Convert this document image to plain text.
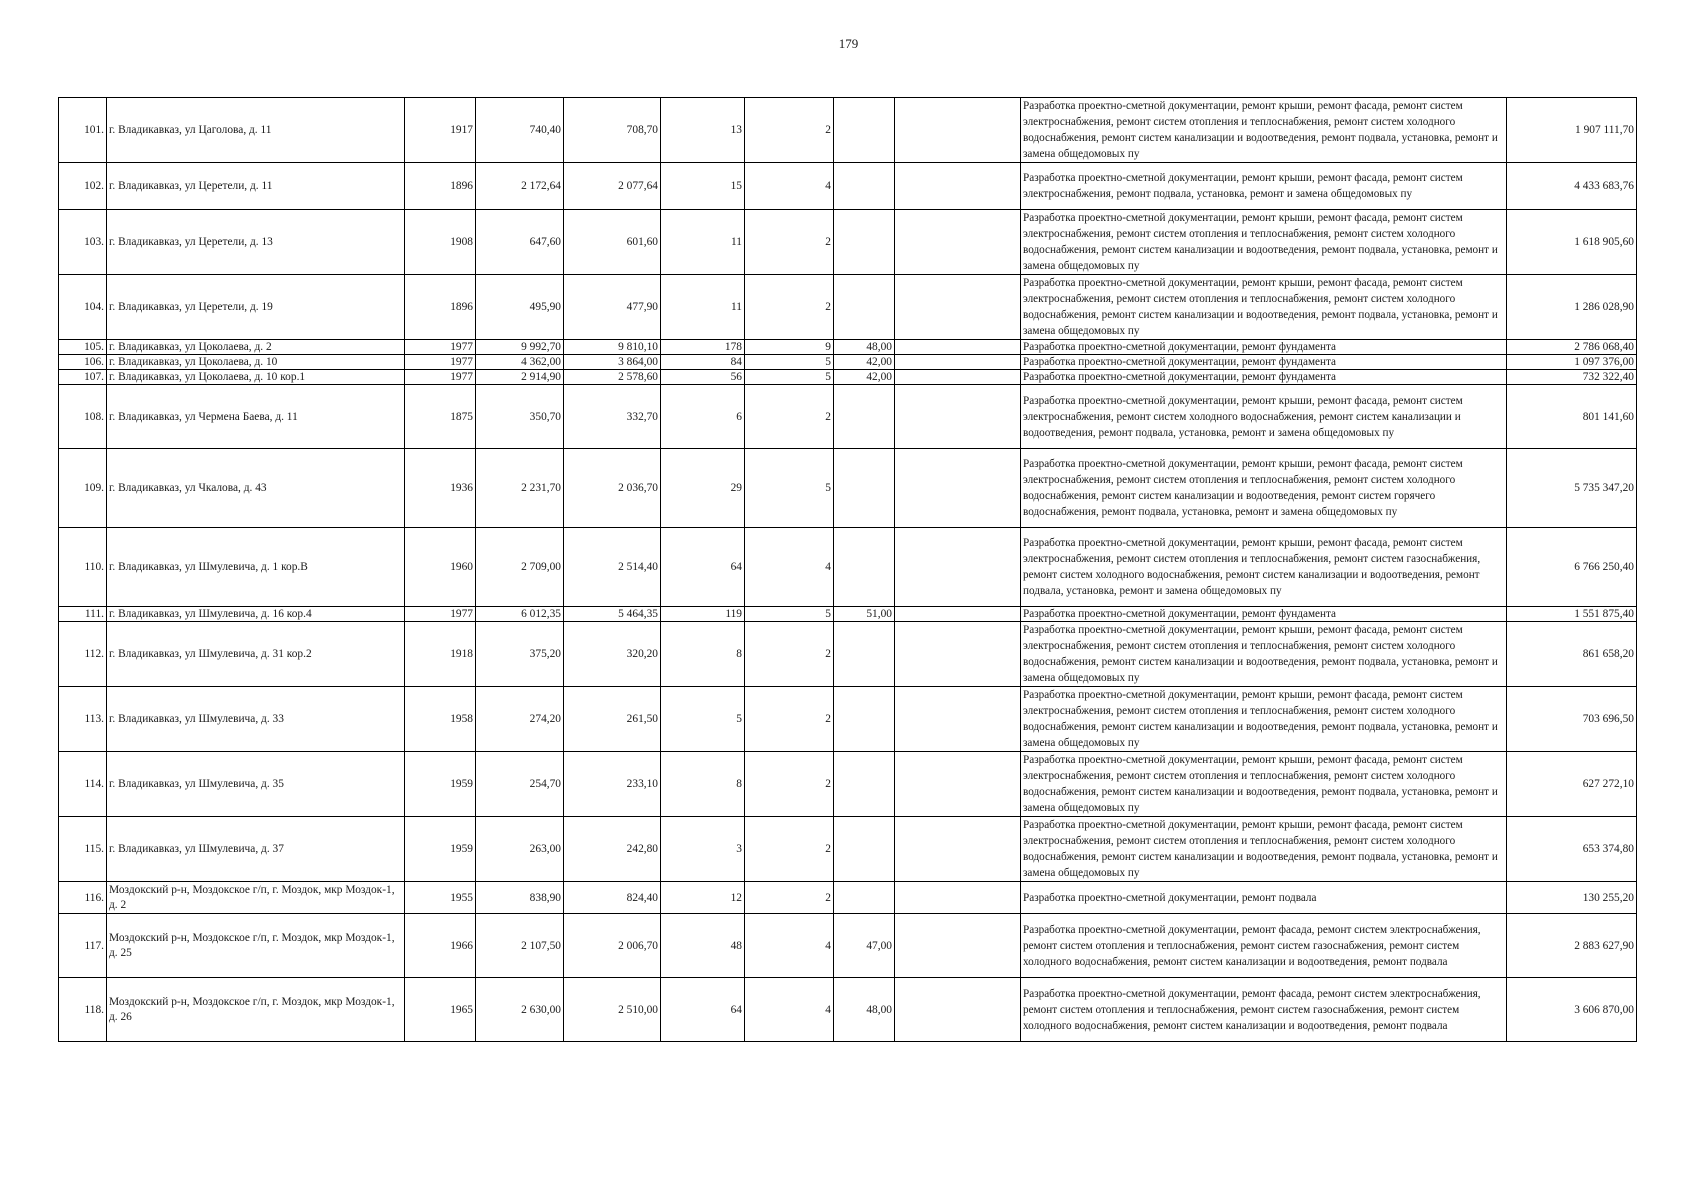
179
101.	г. Владикавказ, ул Цаголова, д. 11	1917	740,40	708,70	13	2			Разработка проектно-сметной документации, ремонт крыши, ремонт фасада, ремонт систем электроснабжения, ремонт систем отопления и теплоснабжения, ремонт систем холодного водоснабжения, ремонт систем канализации и водоотведения, ремонт подвала, установка, ремонт и замена общедомовых пу	1 907 111,70
102.	г. Владикавказ, ул Церетели, д. 11	1896	2 172,64	2 077,64	15	4			Разработка проектно-сметной документации, ремонт крыши, ремонт фасада, ремонт систем электроснабжения, ремонт подвала, установка, ремонт и замена общедомовых пу	4 433 683,76
103.	г. Владикавказ, ул Церетели, д. 13	1908	647,60	601,60	11	2			Разработка проектно-сметной документации, ремонт крыши, ремонт фасада, ремонт систем электроснабжения, ремонт систем отопления и теплоснабжения, ремонт систем холодного водоснабжения, ремонт систем канализации и водоотведения, ремонт подвала, установка, ремонт и замена общедомовых пу	1 618 905,60
104.	г. Владикавказ, ул Церетели, д. 19	1896	495,90	477,90	11	2			Разработка проектно-сметной документации, ремонт крыши, ремонт фасада, ремонт систем электроснабжения, ремонт систем отопления и теплоснабжения, ремонт систем холодного водоснабжения, ремонт систем канализации и водоотведения, ремонт подвала, установка, ремонт и замена общедомовых пу	1 286 028,90
105.	г. Владикавказ, ул Цоколаева, д. 2	1977	9 992,70	9 810,10	178	9	48,00		Разработка проектно-сметной документации, ремонт фундамента	2 786 068,40
106.	г. Владикавказ, ул Цоколаева, д. 10	1977	4 362,00	3 864,00	84	5	42,00		Разработка проектно-сметной документации, ремонт фундамента	1 097 376,00
107.	г. Владикавказ, ул Цоколаева, д. 10 кор.1	1977	2 914,90	2 578,60	56	5	42,00		Разработка проектно-сметной документации, ремонт фундамента	732 322,40
108.	г. Владикавказ, ул Чермена Баева, д. 11	1875	350,70	332,70	6	2			Разработка проектно-сметной документации, ремонт крыши, ремонт фасада, ремонт систем электроснабжения, ремонт систем холодного водоснабжения, ремонт систем канализации и водоотведения, ремонт подвала, установка, ремонт и замена общедомовых пу	801 141,60
109.	г. Владикавказ, ул Чкалова, д. 43	1936	2 231,70	2 036,70	29	5			Разработка проектно-сметной документации, ремонт крыши, ремонт фасада, ремонт систем электроснабжения, ремонт систем отопления и теплоснабжения, ремонт систем холодного водоснабжения, ремонт систем канализации и водоотведения, ремонт систем горячего водоснабжения, ремонт подвала, установка, ремонт и замена общедомовых пу	5 735 347,20
110.	г. Владикавказ, ул Шмулевича, д. 1 кор.В	1960	2 709,00	2 514,40	64	4			Разработка проектно-сметной документации, ремонт крыши, ремонт фасада, ремонт систем электроснабжения, ремонт систем отопления и теплоснабжения, ремонт систем газоснабжения, ремонт систем холодного водоснабжения, ремонт систем канализации и водоотведения, ремонт подвала, установка, ремонт и замена общедомовых пу	6 766 250,40
111.	г. Владикавказ, ул Шмулевича, д. 16 кор.4	1977	6 012,35	5 464,35	119	5	51,00		Разработка проектно-сметной документации, ремонт фундамента	1 551 875,40
112.	г. Владикавказ, ул Шмулевича, д. 31 кор.2	1918	375,20	320,20	8	2			Разработка проектно-сметной документации, ремонт крыши, ремонт фасада, ремонт систем электроснабжения, ремонт систем отопления и теплоснабжения, ремонт систем холодного водоснабжения, ремонт систем канализации и водоотведения, ремонт подвала, установка, ремонт и замена общедомовых пу	861 658,20
113.	г. Владикавказ, ул Шмулевича, д. 33	1958	274,20	261,50	5	2			Разработка проектно-сметной документации, ремонт крыши, ремонт фасада, ремонт систем электроснабжения, ремонт систем отопления и теплоснабжения, ремонт систем холодного водоснабжения, ремонт систем канализации и водоотведения, ремонт подвала, установка, ремонт и замена общедомовых пу	703 696,50
114.	г. Владикавказ, ул Шмулевича, д. 35	1959	254,70	233,10	8	2			Разработка проектно-сметной документации, ремонт крыши, ремонт фасада, ремонт систем электроснабжения, ремонт систем отопления и теплоснабжения, ремонт систем холодного водоснабжения, ремонт систем канализации и водоотведения, ремонт подвала, установка, ремонт и замена общедомовых пу	627 272,10
115.	г. Владикавказ, ул Шмулевича, д. 37	1959	263,00	242,80	3	2			Разработка проектно-сметной документации, ремонт крыши, ремонт фасада, ремонт систем электроснабжения, ремонт систем отопления и теплоснабжения, ремонт систем холодного водоснабжения, ремонт систем канализации и водоотведения, ремонт подвала, установка, ремонт и замена общедомовых пу	653 374,80
116.	Моздокский р-н, Моздокское г/п, г. Моздок, мкр Моздок-1, д. 2	1955	838,90	824,40	12	2			Разработка проектно-сметной документации, ремонт подвала	130 255,20
117.	Моздокский р-н, Моздокское г/п, г. Моздок, мкр Моздок-1, д. 25	1966	2 107,50	2 006,70	48	4	47,00		Разработка проектно-сметной документации, ремонт фасада, ремонт систем электроснабжения, ремонт систем отопления и теплоснабжения, ремонт систем газоснабжения, ремонт систем холодного водоснабжения, ремонт систем канализации и водоотведения, ремонт подвала	2 883 627,90
118.	Моздокский р-н, Моздокское г/п, г. Моздок, мкр Моздок-1, д. 26	1965	2 630,00	2 510,00	64	4	48,00		Разработка проектно-сметной документации, ремонт фасада, ремонт систем электроснабжения, ремонт систем отопления и теплоснабжения, ремонт систем газоснабжения, ремонт систем холодного водоснабжения, ремонт систем канализации и водоотведения, ремонт подвала	3 606 870,00
